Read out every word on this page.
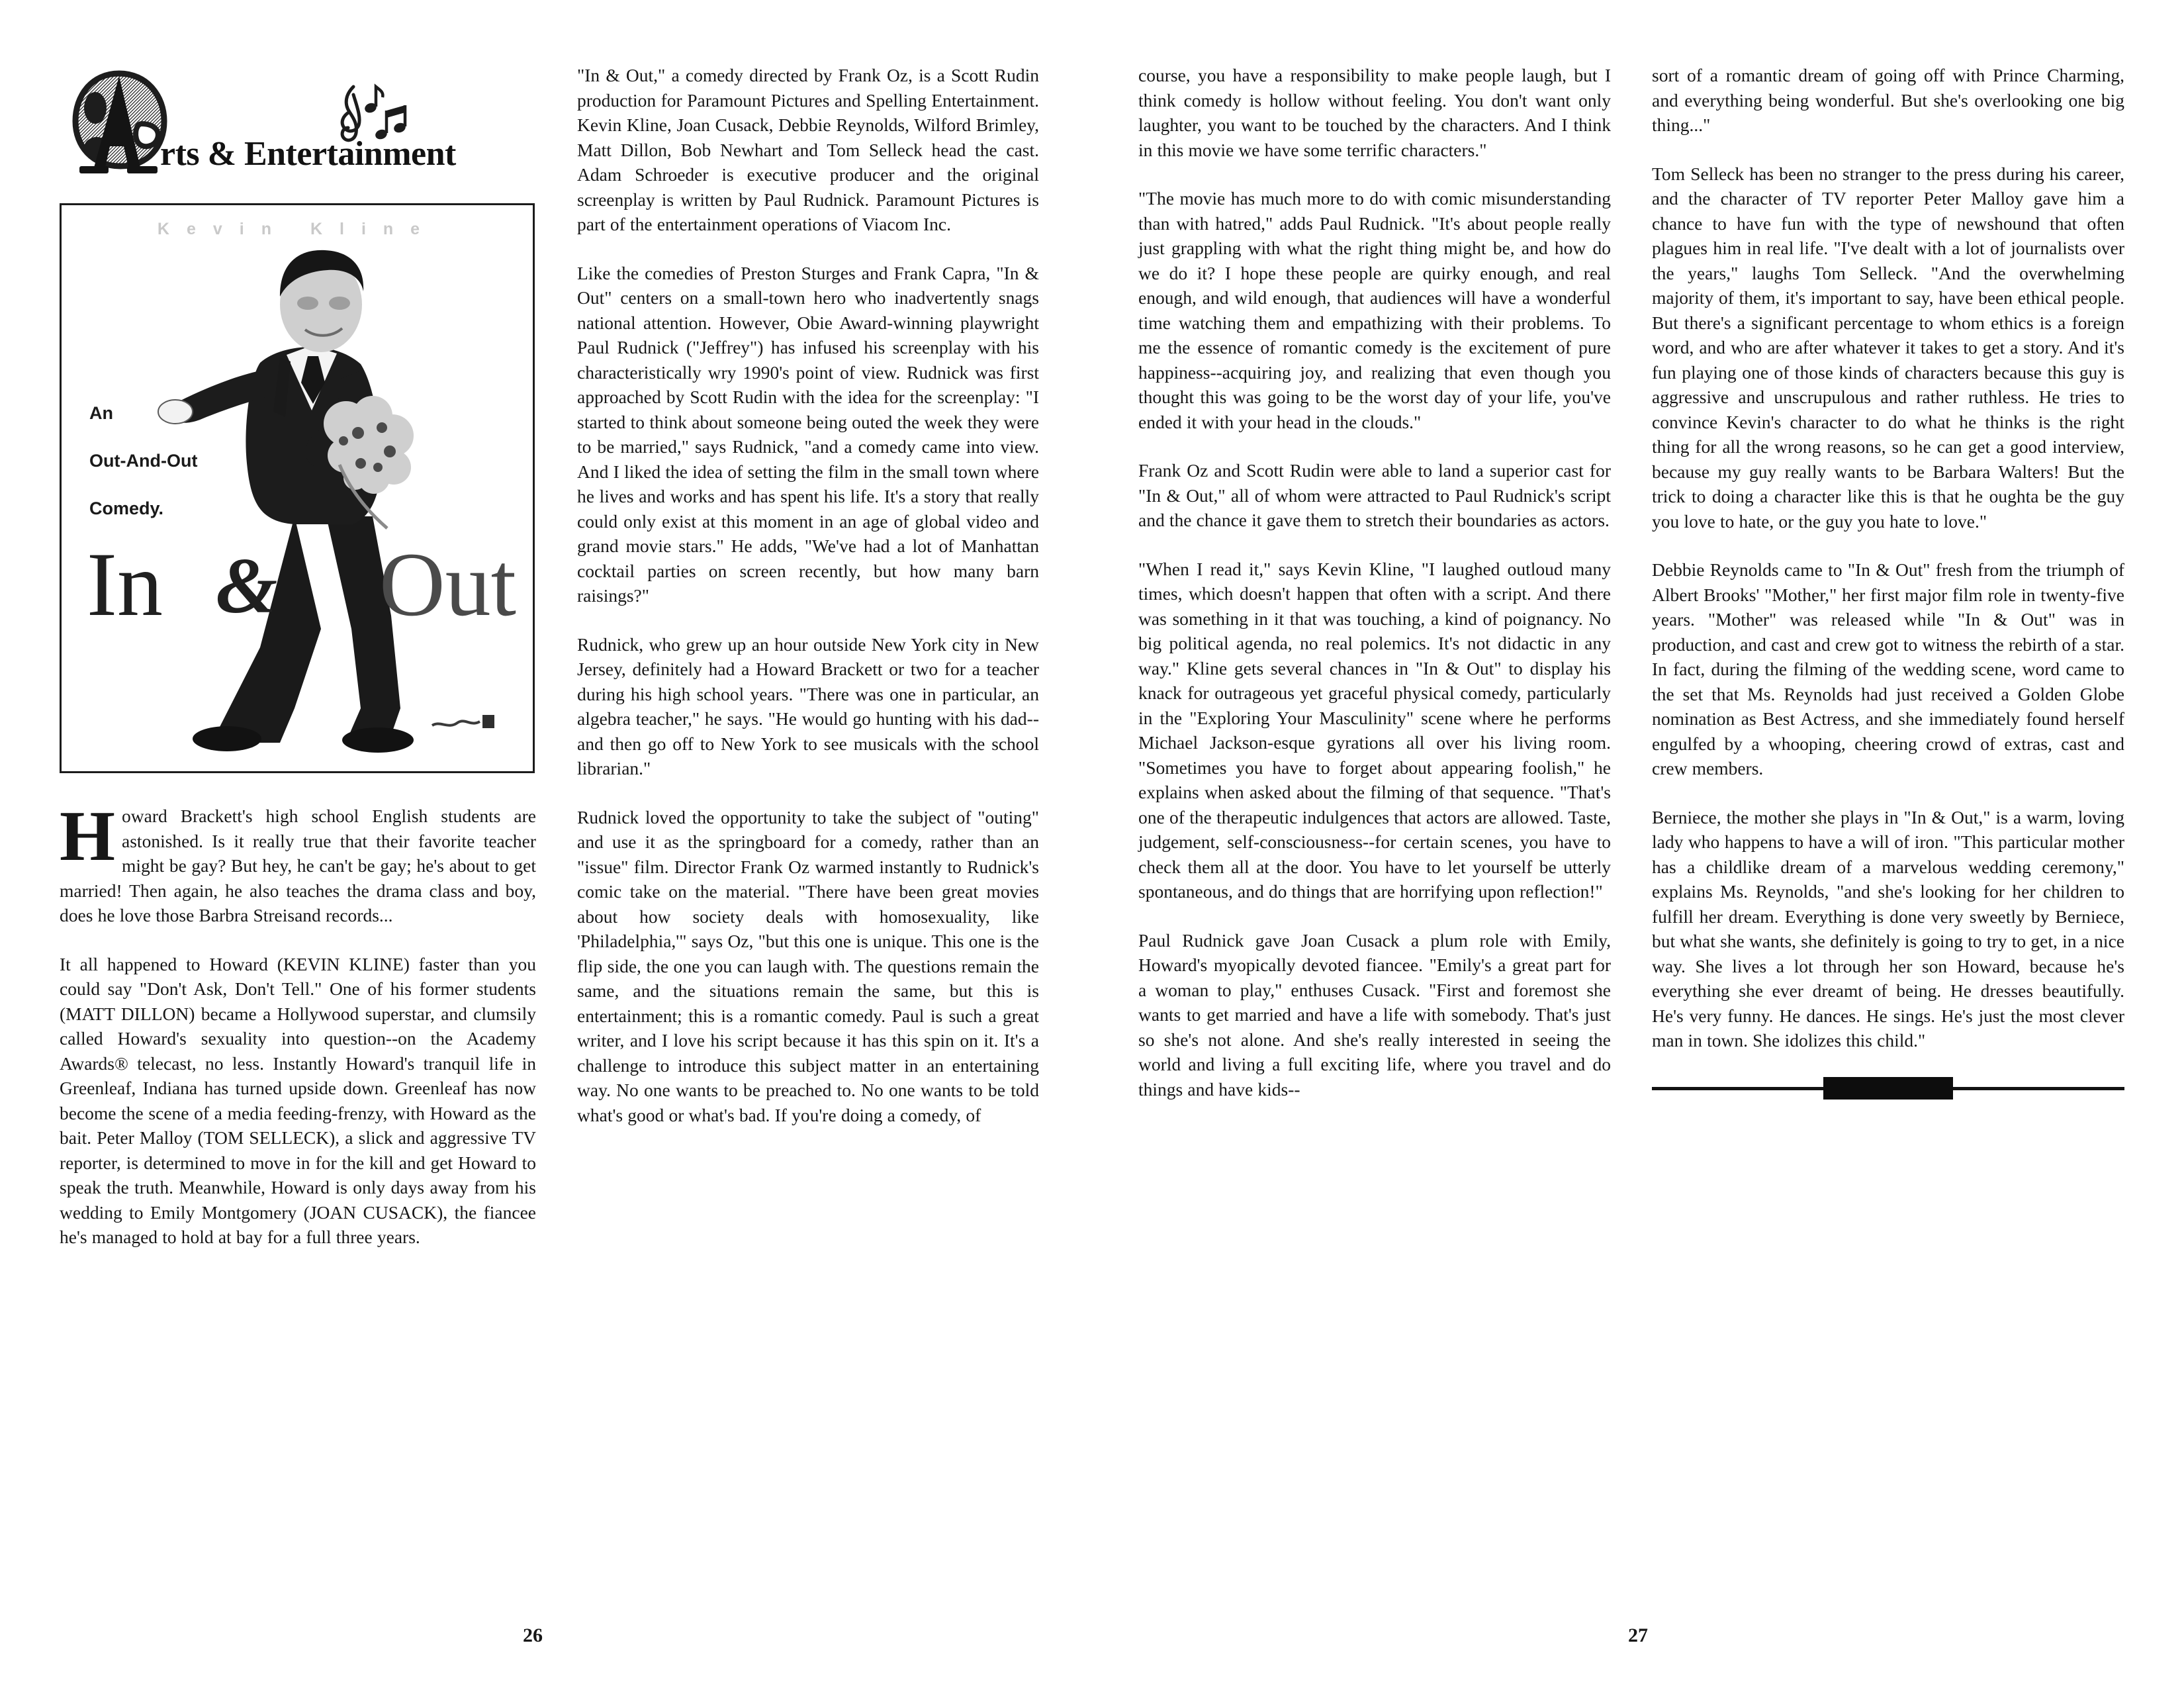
rts & Entertainment
Kevin Kline
An
Out-And-Out
Comedy.
In & Out

Howard Brackett's high school English students are astonished. Is it really true that their favorite teacher might be gay? But hey, he can't be gay; he's about to get married! Then again, he also teaches the drama class and boy, does he love those Barbra Streisand records...

It all happened to Howard (KEVIN KLINE) faster than you could say "Don't Ask, Don't Tell." One of his former students (MATT DILLON) became a Hollywood superstar, and clumsily called Howard's sexuality into question--on the Academy Awards® telecast, no less. Instantly Howard's tranquil life in Greenleaf, Indiana has turned upside down. Greenleaf has now become the scene of a media feeding-frenzy, with Howard as the bait. Peter Malloy (TOM SELLECK), a slick and aggressive TV reporter, is determined to move in for the kill and get Howard to speak the truth. Meanwhile, Howard is only days away from his wedding to Emily Montgomery (JOAN CUSACK), the fiancee he's managed to hold at bay for a full three years.

"In & Out," a comedy directed by Frank Oz, is a Scott Rudin production for Paramount Pictures and Spelling Entertainment. Kevin Kline, Joan Cusack, Debbie Reynolds, Wilford Brimley, Matt Dillon, Bob Newhart and Tom Selleck head the cast. Adam Schroeder is executive producer and the original screenplay is written by Paul Rudnick. Paramount Pictures is part of the entertainment operations of Viacom Inc.

Like the comedies of Preston Sturges and Frank Capra, "In & Out" centers on a small-town hero who inadvertently snags national attention. However, Obie Award-winning playwright Paul Rudnick ("Jeffrey") has infused his screenplay with his characteristically wry 1990's point of view. Rudnick was first approached by Scott Rudin with the idea for the screenplay: "I started to think about someone being outed the week they were to be married," says Rudnick, "and a comedy came into view. And I liked the idea of setting the film in the small town where he lives and works and has spent his life. It's a story that really could only exist at this moment in an age of global video and grand movie stars." He adds, "We've had a lot of Manhattan cocktail parties on screen recently, but how many barn raisings?"

Rudnick, who grew up an hour outside New York city in New Jersey, definitely had a Howard Brackett or two for a teacher during his high school years. "There was one in particular, an algebra teacher," he says. "He would go hunting with his dad--and then go off to New York to see musicals with the school librarian."

Rudnick loved the opportunity to take the subject of "outing" and use it as the springboard for a comedy, rather than an "issue" film. Director Frank Oz warmed instantly to Rudnick's comic take on the material. "There have been great movies about how society deals with homosexuality, like 'Philadelphia,'" says Oz, "but this one is unique. This one is the flip side, the one you can laugh with. The questions remain the same, and the situations remain the same, but this is entertainment; this is a romantic comedy. Paul is such a great writer, and I love his script because it has this spin on it. It's a challenge to introduce this subject matter in an entertaining way. No one wants to be preached to. No one wants to be told what's good or what's bad. If you're doing a comedy, of

26

course, you have a responsibility to make people laugh, but I think comedy is hollow without feeling. You don't want only laughter, you want to be touched by the characters. And I think in this movie we have some terrific characters."

"The movie has much more to do with comic misunderstanding than with hatred," adds Paul Rudnick. "It's about people really just grappling with what the right thing might be, and how do we do it? I hope these people are quirky enough, and real enough, and wild enough, that audiences will have a wonderful time watching them and empathizing with their problems. To me the essence of romantic comedy is the excitement of pure happiness--acquiring joy, and realizing that even though you thought this was going to be the worst day of your life, you've ended it with your head in the clouds."

Frank Oz and Scott Rudin were able to land a superior cast for "In & Out," all of whom were attracted to Paul Rudnick's script and the chance it gave them to stretch their boundaries as actors.

"When I read it," says Kevin Kline, "I laughed outloud many times, which doesn't happen that often with a script. And there was something in it that was touching, a kind of poignancy. No big political agenda, no real polemics. It's not didactic in any way." Kline gets several chances in "In & Out" to display his knack for outrageous yet graceful physical comedy, particularly in the "Exploring Your Masculinity" scene where he performs Michael Jackson-esque gyrations all over his living room. "Sometimes you have to forget about appearing foolish," he explains when asked about the filming of that sequence. "That's one of the therapeutic indulgences that actors are allowed. Taste, judgement, self-consciousness--for certain scenes, you have to check them all at the door. You have to let yourself be utterly spontaneous, and do things that are horrifying upon reflection!"

Paul Rudnick gave Joan Cusack a plum role with Emily, Howard's myopically devoted fiancee. "Emily's a great part for a woman to play," enthuses Cusack. "First and foremost she wants to get married and have a life with somebody. That's just so she's not alone. And she's really interested in seeing the world and living a full exciting life, where you travel and do things and have kids--

sort of a romantic dream of going off with Prince Charming, and everything being wonderful. But she's overlooking one big thing..."

Tom Selleck has been no stranger to the press during his career, and the character of TV reporter Peter Malloy gave him a chance to have fun with the type of newshound that often plagues him in real life. "I've dealt with a lot of journalists over the years," laughs Tom Selleck. "And the overwhelming majority of them, it's important to say, have been ethical people. But there's a significant percentage to whom ethics is a foreign word, and who are after whatever it takes to get a story. And it's fun playing one of those kinds of characters because this guy is aggressive and unscrupulous and rather ruthless. He tries to convince Kevin's character to do what he thinks is the right thing for all the wrong reasons, so he can get a good interview, because my guy really wants to be Barbara Walters! But the trick to doing a character like this is that he oughta be the guy you love to hate, or the guy you hate to love."

Debbie Reynolds came to "In & Out" fresh from the triumph of Albert Brooks' "Mother," her first major film role in twenty-five years. "Mother" was released while "In & Out" was in production, and cast and crew got to witness the rebirth of a star. In fact, during the filming of the wedding scene, word came to the set that Ms. Reynolds had just received a Golden Globe nomination as Best Actress, and she immediately found herself engulfed by a whooping, cheering crowd of extras, cast and crew members.

Berniece, the mother she plays in "In & Out," is a warm, loving lady who happens to have a will of iron. "This particular mother has a childlike dream of a marvelous wedding ceremony," explains Ms. Reynolds, "and she's looking for her children to fulfill her dream. Everything is done very sweetly by Berniece, but what she wants, she definitely is going to try to get, in a nice way. She lives a lot through her son Howard, because he's everything she ever dreamt of being. He dresses beautifully. He's very funny. He dances. He sings. He's just the most clever man in town. She idolizes this child."

27
